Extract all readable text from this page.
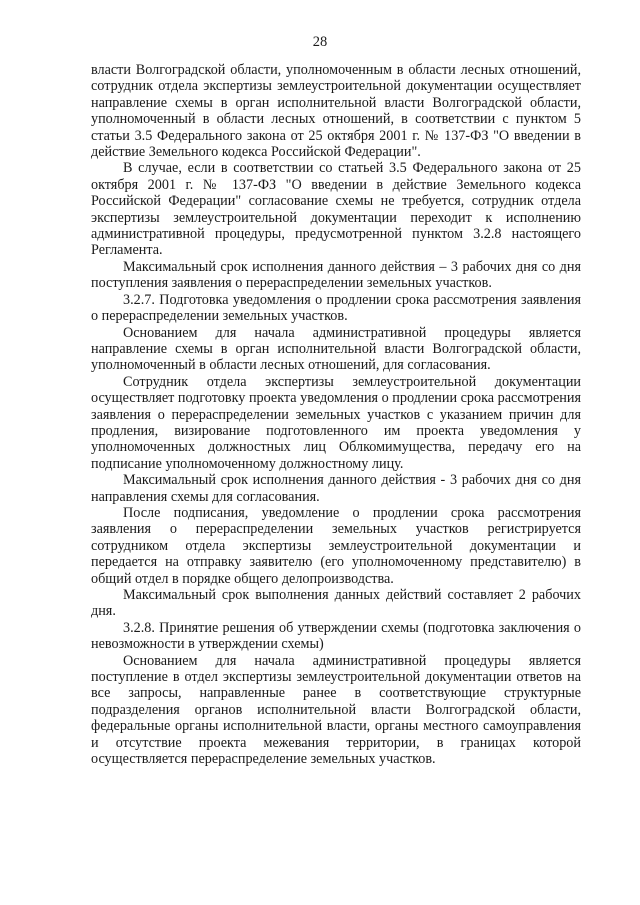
28

власти Волгоградской области, уполномоченным в области лесных отношений, сотрудник отдела экспертизы землеустроительной документации осуществляет направление схемы в орган исполнительной власти Волгоградской области, уполномоченный в области лесных отношений, в соответствии с пунктом 5 статьи 3.5 Федерального закона от 25 октября 2001 г. № 137-ФЗ "О введении в действие Земельного кодекса Российской Федерации".

В случае, если в соответствии со статьей 3.5 Федерального закона от 25 октября 2001 г. № 137-ФЗ "О введении в действие Земельного кодекса Российской Федерации" согласование схемы не требуется, сотрудник отдела экспертизы землеустроительной документации переходит к исполнению административной процедуры, предусмотренной пунктом 3.2.8 настоящего Регламента.

Максимальный срок исполнения данного действия – 3 рабочих дня со дня поступления заявления о перераспределении земельных участков.

3.2.7. Подготовка уведомления о продлении срока рассмотрения заявления о перераспределении земельных участков.

Основанием для начала административной процедуры является направление схемы в орган исполнительной власти Волгоградской области, уполномоченный в области лесных отношений, для согласования.

Сотрудник отдела экспертизы землеустроительной документации осуществляет подготовку проекта уведомления о продлении срока рассмотрения заявления о перераспределении земельных участков с указанием причин для продления, визирование подготовленного им проекта уведомления у уполномоченных должностных лиц Облкомимущества, передачу его на подписание уполномоченному должностному лицу.

Максимальный срок исполнения данного действия - 3 рабочих дня со дня направления схемы для согласования.

После подписания, уведомление о продлении срока рассмотрения заявления о перераспределении земельных участков регистрируется сотрудником отдела экспертизы землеустроительной документации и передается на отправку заявителю (его уполномоченному представителю) в общий отдел в порядке общего делопроизводства.

Максимальный срок выполнения данных действий составляет 2 рабочих дня.

3.2.8. Принятие решения об утверждении схемы (подготовка заключения о невозможности в утверждении схемы)

Основанием для начала административной процедуры является поступление в отдел экспертизы землеустроительной документации ответов на все запросы, направленные ранее в соответствующие структурные подразделения органов исполнительной власти Волгоградской области, федеральные органы исполнительной власти, органы местного самоуправления и отсутствие проекта межевания территории, в границах которой осуществляется перераспределение земельных участков.
